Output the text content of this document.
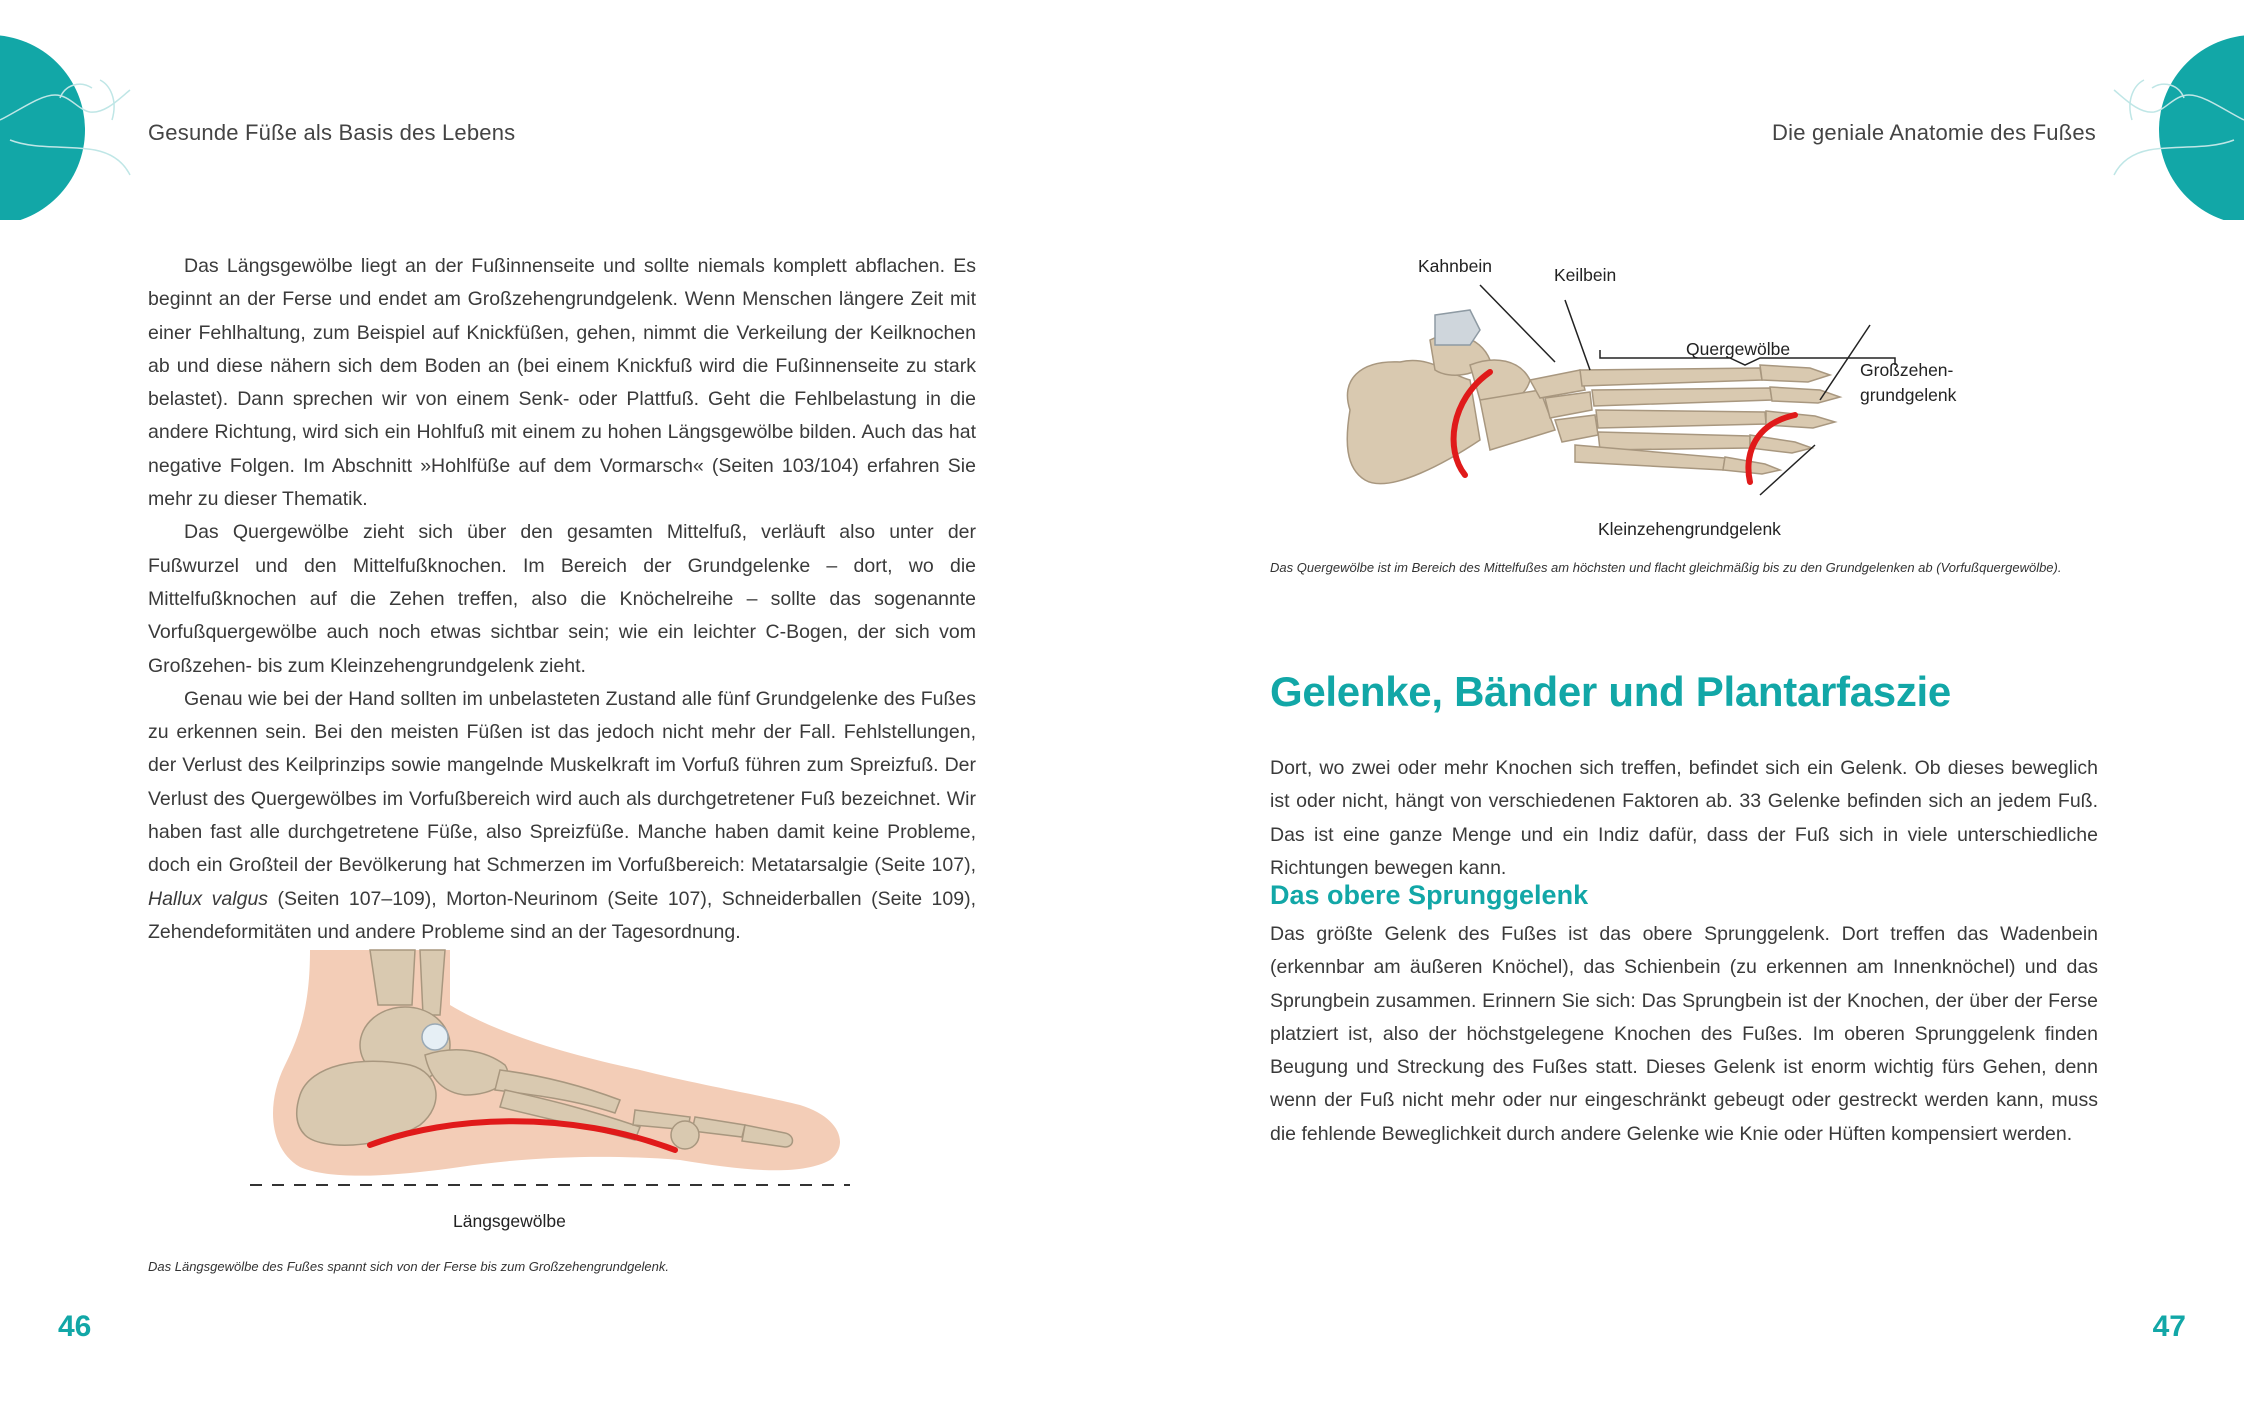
Gesunde Füße als Basis des Lebens	Die geniale Anatomie des Fußes

Das Längsgewölbe liegt an der Fußinnenseite und sollte niemals komplett abflachen. Es beginnt an der Ferse und endet am Großzehengrundgelenk. Wenn Menschen längere Zeit mit einer Fehlhaltung, zum Beispiel auf Knickfüßen, gehen, nimmt die Verkeilung der Keilknochen ab und diese nähern sich dem Boden an (bei einem Knickfuß wird die Fußinnenseite zu stark belastet). Dann sprechen wir von einem Senk- oder Plattfuß. Geht die Fehlbelastung in die andere Richtung, wird sich ein Hohlfuß mit einem zu hohen Längsgewölbe bilden. Auch das hat negative Folgen. Im Abschnitt »Hohlfüße auf dem Vormarsch« (Seiten 103/104) erfahren Sie mehr zu dieser Thematik.

Das Quergewölbe zieht sich über den gesamten Mittelfuß, verläuft also unter der Fußwurzel und den Mittelfußknochen. Im Bereich der Grundgelenke – dort, wo die Mittelfußknochen auf die Zehen treffen, also die Knöchelreihe – sollte das sogenannte Vorfußquergewölbe auch noch etwas sichtbar sein; wie ein leichter C-Bogen, der sich vom Großzehen- bis zum Kleinzehengrundgelenk zieht.

Genau wie bei der Hand sollten im unbelasteten Zustand alle fünf Grundgelenke des Fußes zu erkennen sein. Bei den meisten Füßen ist das jedoch nicht mehr der Fall. Fehlstellungen, der Verlust des Keilprinzips sowie mangelnde Muskelkraft im Vorfuß führen zum Spreizfuß. Der Verlust des Quergewölbes im Vorfußbereich wird auch als durchgetretener Fuß bezeichnet. Wir haben fast alle durchgetretene Füße, also Spreizfüße. Manche haben damit keine Probleme, doch ein Großteil der Bevölkerung hat Schmerzen im Vorfußbereich: Metatarsalgie (Seite 107), Hallux valgus (Seiten 107–109), Morton-Neurinom (Seite 107), Schneiderballen (Seite 109), Zehendeformitäten und andere Probleme sind an der Tagesordnung.

Längsgewölbe
Das Längsgewölbe des Fußes spannt sich von der Ferse bis zum Großzehengrundgelenk.
46
Kahnbein	Keilbein
Quergewölbe
Großzehen-
grundgelenk
Kleinzehengrundgelenk
Das Quergewölbe ist im Bereich des Mittelfußes am höchsten und flacht gleichmäßig bis zu den Grundgelenken ab (Vorfußquergewölbe).
Gelenke, Bänder und Plantarfaszie

Dort, wo zwei oder mehr Knochen sich treffen, befindet sich ein Gelenk. Ob dieses beweglich ist oder nicht, hängt von verschiedenen Faktoren ab. 33 Gelenke befinden sich an jedem Fuß. Das ist eine ganze Menge und ein Indiz dafür, dass der Fuß sich in viele unterschiedliche Richtungen bewegen kann.

Das obere Sprunggelenk

Das größte Gelenk des Fußes ist das obere Sprunggelenk. Dort treffen das Wadenbein (erkennbar am äußeren Knöchel), das Schienbein (zu erkennen am Innenknöchel) und das Sprungbein zusammen. Erinnern Sie sich: Das Sprungbein ist der Knochen, der über der Ferse platziert ist, also der höchstgelegene Knochen des Fußes. Im oberen Sprunggelenk finden Beugung und Streckung des Fußes statt. Dieses Gelenk ist enorm wichtig fürs Gehen, denn wenn der Fuß nicht mehr oder nur eingeschränkt gebeugt oder gestreckt werden kann, muss die fehlende Beweglichkeit durch andere Gelenke wie Knie oder Hüften kompensiert werden.

47
